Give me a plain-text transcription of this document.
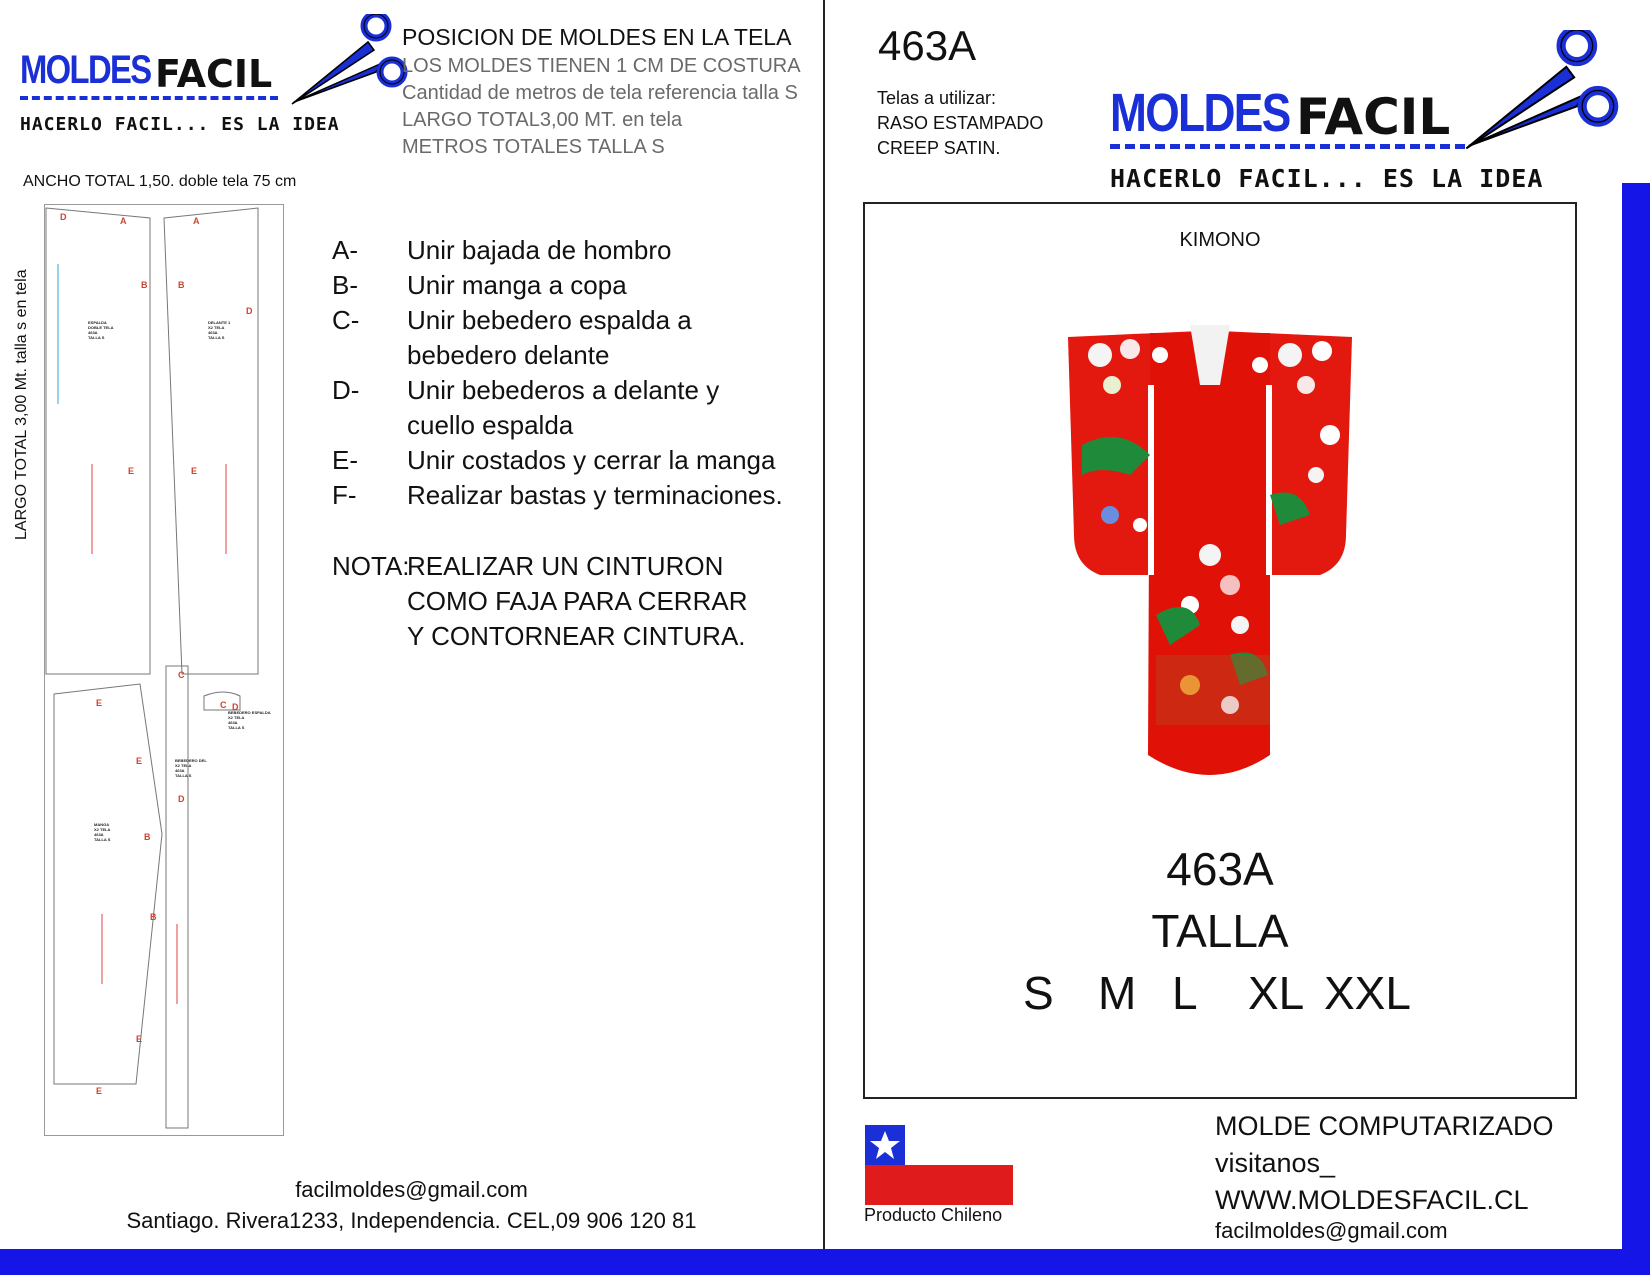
MOLDES FACIL
HACERLO FACIL... ES LA IDEA
POSICION DE MOLDES EN LA TELA
LOS MOLDES TIENEN 1 CM DE COSTURA
Cantidad de metros de tela referencia talla S
LARGO TOTAL3,00 MT. en tela
METROS TOTALES TALLA S
ANCHO TOTAL 1,50. doble tela 75 cm
LARGO TOTAL 3,00 Mt. talla s en tela
D	A	A
B	B
D
E	E
E
C
C D
E
D
B
B
E
E
ESPALDA
DOBLE TELA
463A
TALLA S
DELANTE 1
X2 TELA
463A
TALLA S
MANGA
X2 TELA
463A
TALLA S
BEBEDERO DEL
X2 TELA
463A
TALLA S
BEBEDERO ESPALDA
X2 TELA
463A
TALLA S
A-	Unir bajada de hombro
B-	Unir manga a copa
C-	Unir bebedero espalda a bebedero delante
D-	Unir bebederos a delante y cuello espalda
E-	Unir costados y cerrar la manga
F-	Realizar bastas y terminaciones.
NOTA:
REALIZAR UN CINTURON
COMO FAJA PARA CERRAR
Y CONTORNEAR CINTURA.
facilmoldes@gmail.com
Santiago. Rivera1233, Independencia. CEL,09 906 120 81
463A
Telas a utilizar:
RASO ESTAMPADO
CREEP SATIN.
MOLDES FACIL
HACERLO FACIL... ES LA IDEA
KIMONO
463A
TALLA
S M L XL XXL
Producto Chileno
MOLDE COMPUTARIZADO
visitanos_
WWW.MOLDESFACIL.CL
facilmoldes@gmail.com
